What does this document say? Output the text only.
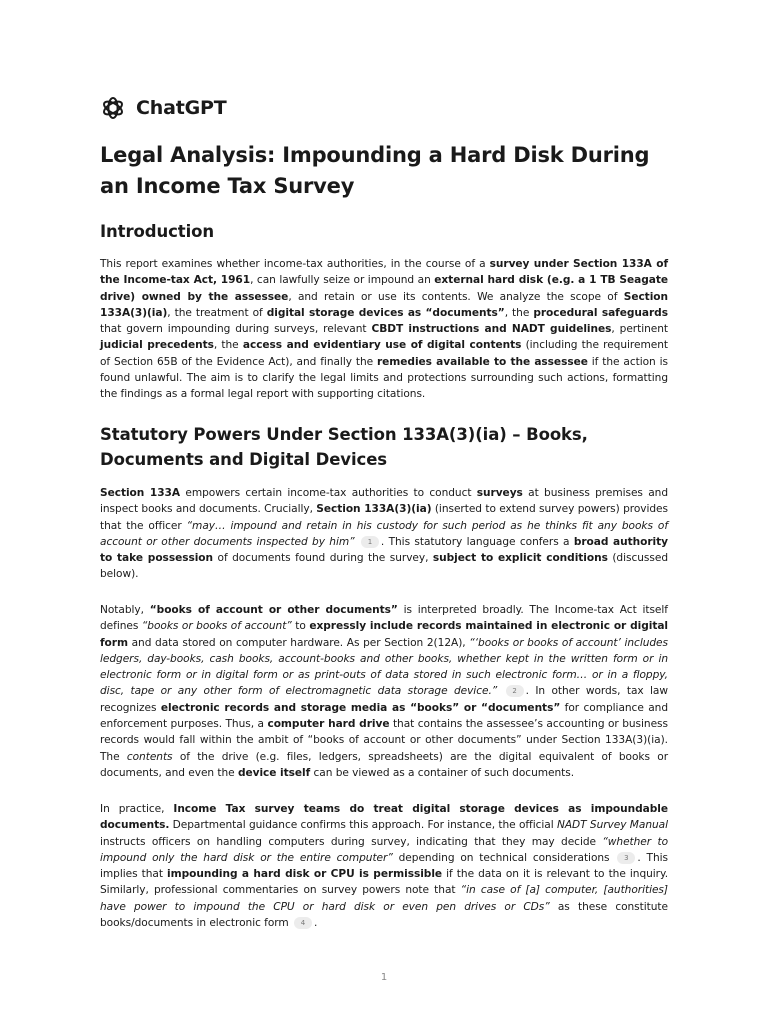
ChatGPT
Legal Analysis: Impounding a Hard Disk During an Income Tax Survey
Introduction

This report examines whether income-tax authorities, in the course of a survey under Section 133A of the Income-tax Act, 1961, can lawfully seize or impound an external hard disk (e.g. a 1 TB Seagate drive) owned by the assessee, and retain or use its contents. We analyze the scope of Section 133A(3)(ia), the treatment of digital storage devices as “documents”, the procedural safeguards that govern impounding during surveys, relevant CBDT instructions and NADT guidelines, pertinent judicial precedents, the access and evidentiary use of digital contents (including the requirement of Section 65B of the Evidence Act), and finally the remedies available to the assessee if the action is found unlawful. The aim is to clarify the legal limits and protections surrounding such actions, formatting the findings as a formal legal report with supporting citations.

Statutory Powers Under Section 133A(3)(ia) – Books, Documents and Digital Devices

Section 133A empowers certain income-tax authorities to conduct surveys at business premises and inspect books and documents. Crucially, Section 133A(3)(ia) (inserted to extend survey powers) provides that the officer “may… impound and retain in his custody for such period as he thinks fit any books of account or other documents inspected by him” 1 . This statutory language confers a broad authority to take possession of documents found during the survey, subject to explicit conditions (discussed below).

Notably, “books of account or other documents” is interpreted broadly. The Income-tax Act itself defines “books or books of account” to expressly include records maintained in electronic or digital form and data stored on computer hardware. As per Section 2(12A), “‘books or books of account’ includes ledgers, day-books, cash books, account-books and other books, whether kept in the written form or in electronic form or in digital form or as print-outs of data stored in such electronic form… or in a floppy, disc, tape or any other form of electromagnetic data storage device.” 2 . In other words, tax law recognizes electronic records and storage media as “books” or “documents” for compliance and enforcement purposes. Thus, a computer hard drive that contains the assessee’s accounting or business records would fall within the ambit of “books of account or other documents” under Section 133A(3)(ia). The contents of the drive (e.g. files, ledgers, spreadsheets) are the digital equivalent of books or documents, and even the device itself can be viewed as a container of such documents.

In practice, Income Tax survey teams do treat digital storage devices as impoundable documents. Departmental guidance confirms this approach. For instance, the official NADT Survey Manual instructs officers on handling computers during survey, indicating that they may decide “whether to impound only the hard disk or the entire computer” depending on technical considerations 3 . This implies that impounding a hard disk or CPU is permissible if the data on it is relevant to the inquiry. Similarly, professional commentaries on survey powers note that “in case of [a] computer, [authorities] have power to impound the CPU or hard disk or even pen drives or CDs” as these constitute books/documents in electronic form 4 .

1
